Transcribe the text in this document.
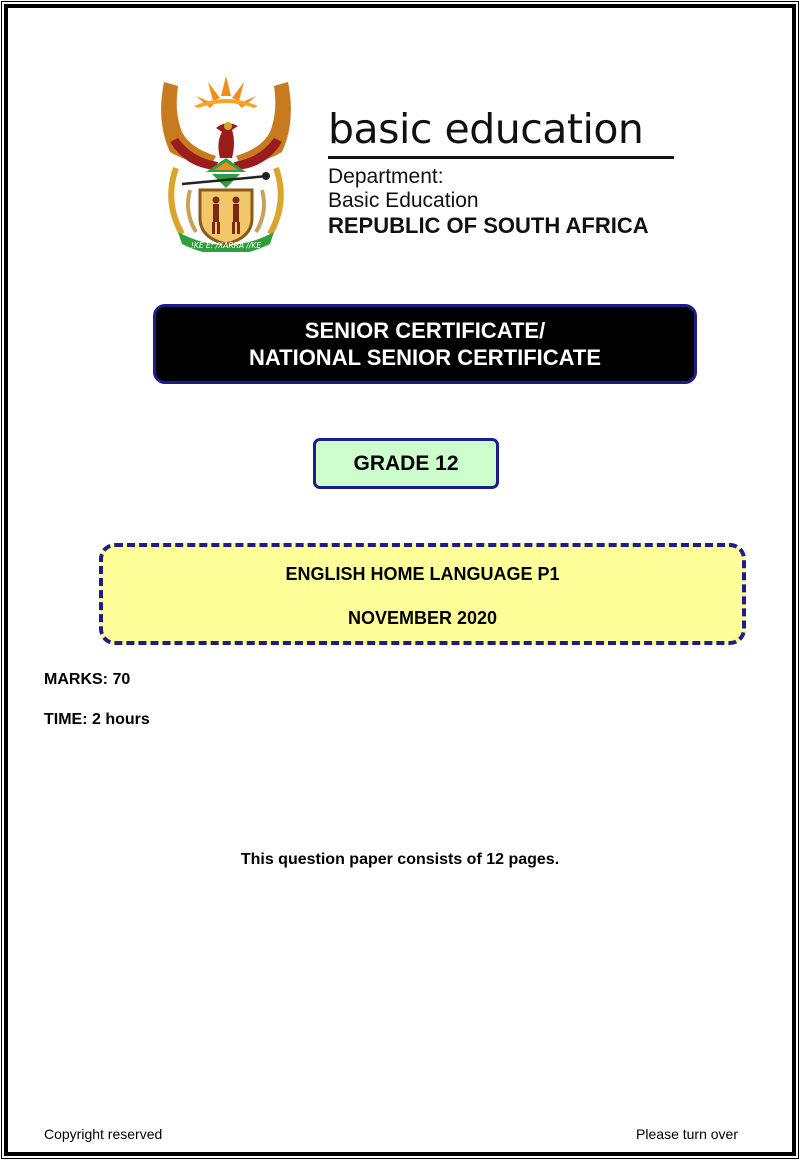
!KE E: /XARRA //KE
basic education
Department:
Basic Education
REPUBLIC OF SOUTH AFRICA
SENIOR CERTIFICATE/
NATIONAL SENIOR CERTIFICATE
GRADE 12
ENGLISH HOME LANGUAGE P1
NOVEMBER 2020
MARKS: 70
TIME: 2 hours
This question paper consists of 12 pages.
Copyright reserved	Please turn over
